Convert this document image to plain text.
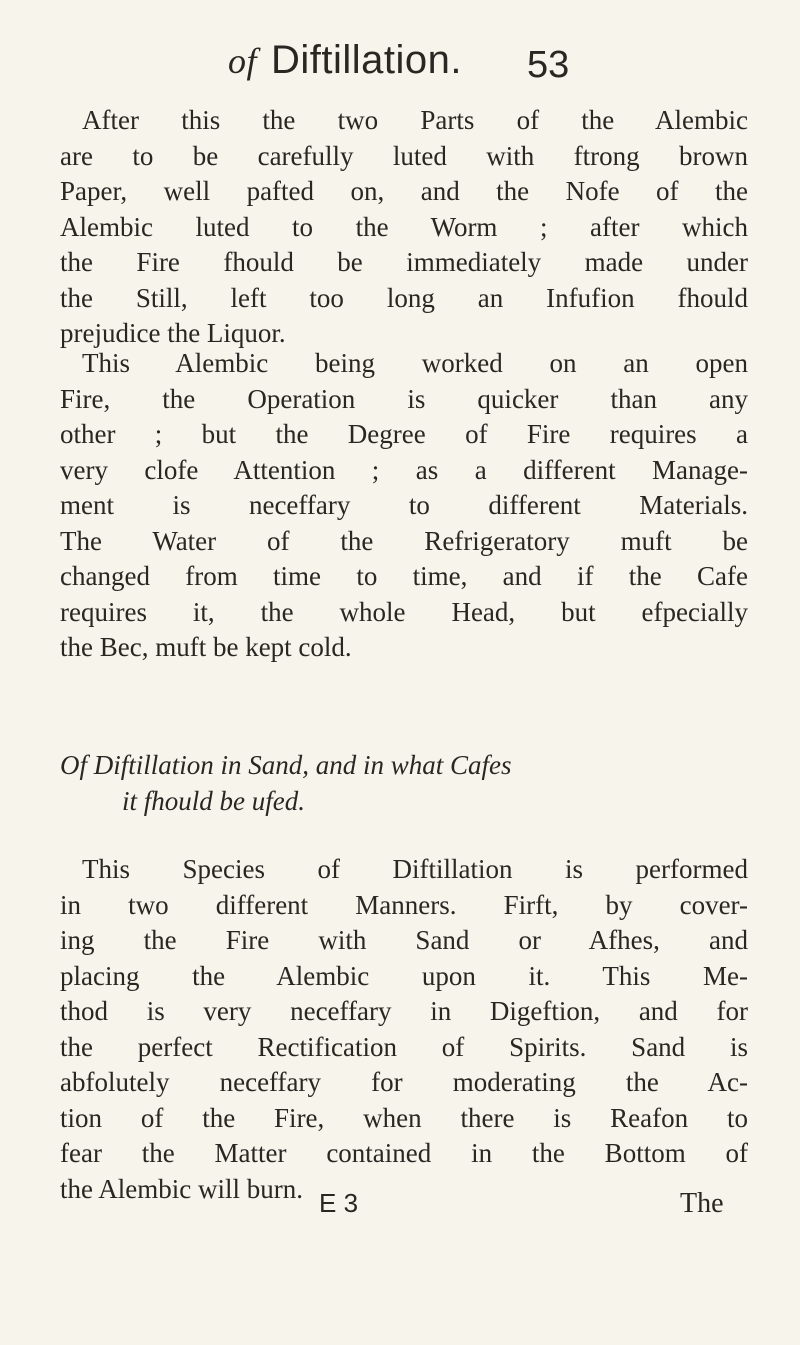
of Diftillation. 53

After this the two Parts of the Alembic
are to be carefully luted with ftrong brown
Paper, well pafted on, and the Nofe of the
Alembic luted to the Worm ; after which
the Fire fhould be immediately made under
the Still, left too long an Infufion fhould
prejudice the Liquor.

This Alembic being worked on an open
Fire, the Operation is quicker than any
other ; but the Degree of Fire requires a
very clofe Attention ; as a different Manage-
ment is neceffary to different Materials.
The Water of the Refrigeratory muft be
changed from time to time, and if the Cafe
requires it, the whole Head, but efpecially
the Bec, muft be kept cold.

Of Diftillation in Sand, and in what Cafes
it fhould be ufed.

This Species of Diftillation is performed
in two different Manners. Firft, by cover-
ing the Fire with Sand or Afhes, and
placing the Alembic upon it. This Me-
thod is very neceffary in Digeftion, and for
the perfect Rectification of Spirits. Sand is
abfolutely neceffary for moderating the Ac-
tion of the Fire, when there is Reafon to
fear the Matter contained in the Bottom of
the Alembic will burn. E 3	The
